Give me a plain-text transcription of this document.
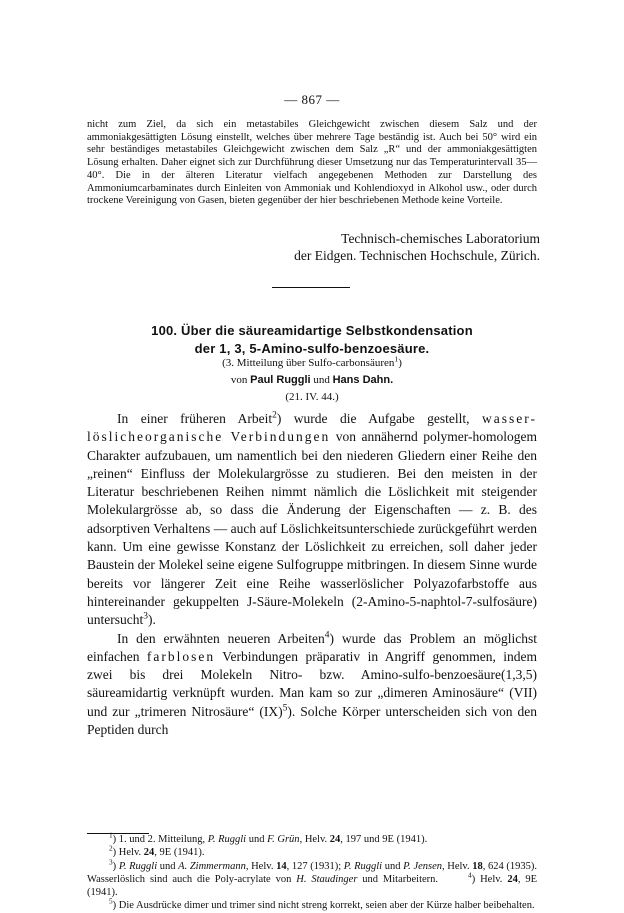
— 867 —

nicht zum Ziel, da sich ein metastabiles Gleichgewicht zwischen diesem Salz und der ammoniakgesättigten Lösung einstellt, welches über mehrere Tage beständig ist. Auch bei 50° wird ein sehr beständiges metastabiles Gleichgewicht zwischen dem Salz „R“ und der ammoniakgesättigten Lösung erhalten. Daher eignet sich zur Durchführung dieser Umsetzung nur das Temperaturintervall 35—40°. Die in der älteren Literatur vielfach angegebenen Methoden zur Darstellung des Ammoniumcarbaminates durch Einleiten von Ammoniak und Kohlendioxyd in Alkohol usw., oder durch trockene Vereinigung von Gasen, bieten gegenüber der hier beschriebenen Methode keine Vorteile.

Technisch-chemisches Laboratorium
der Eidgen. Technischen Hochschule, Zürich.
100. Über die säureamidartige Selbstkondensation
der 1, 3, 5-Amino-sulfo-benzoesäure.
(3. Mitteilung über Sulfo-carbonsäuren$^1$)
von Paul Ruggli und Hans Dahn.
(21. IV. 44.)

In einer früheren Arbeit$^2$) wurde die Aufgabe gestellt, wasser-löslicheorganische Verbindungen von annähernd polymer-homologem Charakter aufzubauen, um namentlich bei den niederen Gliedern einer Reihe den „reinen“ Einfluss der Molekulargrösse zu studieren. Bei den meisten in der Literatur beschriebenen Reihen nimmt nämlich die Löslichkeit mit steigender Molekulargrösse ab, so dass die Änderung der Eigenschaften — z. B. des adsorptiven Verhaltens — auch auf Löslichkeitsunterschiede zurückgeführt werden kann. Um eine gewisse Konstanz der Löslichkeit zu erreichen, soll daher jeder Baustein der Molekel seine eigene Sulfogruppe mitbringen. In diesem Sinne wurde bereits vor längerer Zeit eine Reihe wasserlöslicher Polyazofarbstoffe aus hintereinander gekuppelten J-Säure-Molekeln (2-Amino-5-naphtol-7-sulfosäure) untersucht$^3$).

In den erwähnten neueren Arbeiten$^4$) wurde das Problem an möglichst einfachen farblosen Verbindungen präparativ in Angriff genommen, indem zwei bis drei Molekeln Nitro- bzw. Amino-sulfo-benzoesäure(1,3,5) säureamidartig verknüpft wurden. Man kam so zur „dimeren Aminosäure“ (VII) und zur „trimeren Nitrosäure“ (IX)$^5$). Solche Körper unterscheiden sich von den Peptiden durch

$^1$) 1. und 2. Mitteilung, P. Ruggli und F. Grün, Helv. 24, 197 und 9E (1941).

$^2$) Helv. 24, 9E (1941).

$^3$) P. Ruggli und A. Zimmermann, Helv. 14, 127 (1931); P. Ruggli und P. Jensen, Helv. 18, 624 (1935). Wasserlöslich sind auch die Poly-acrylate von H. Staudinger und Mitarbeitern.	$^4$) Helv. 24, 9E (1941).

$^5$) Die Ausdrücke dimer und trimer sind nicht streng korrekt, seien aber der Kürze halber beibehalten.
